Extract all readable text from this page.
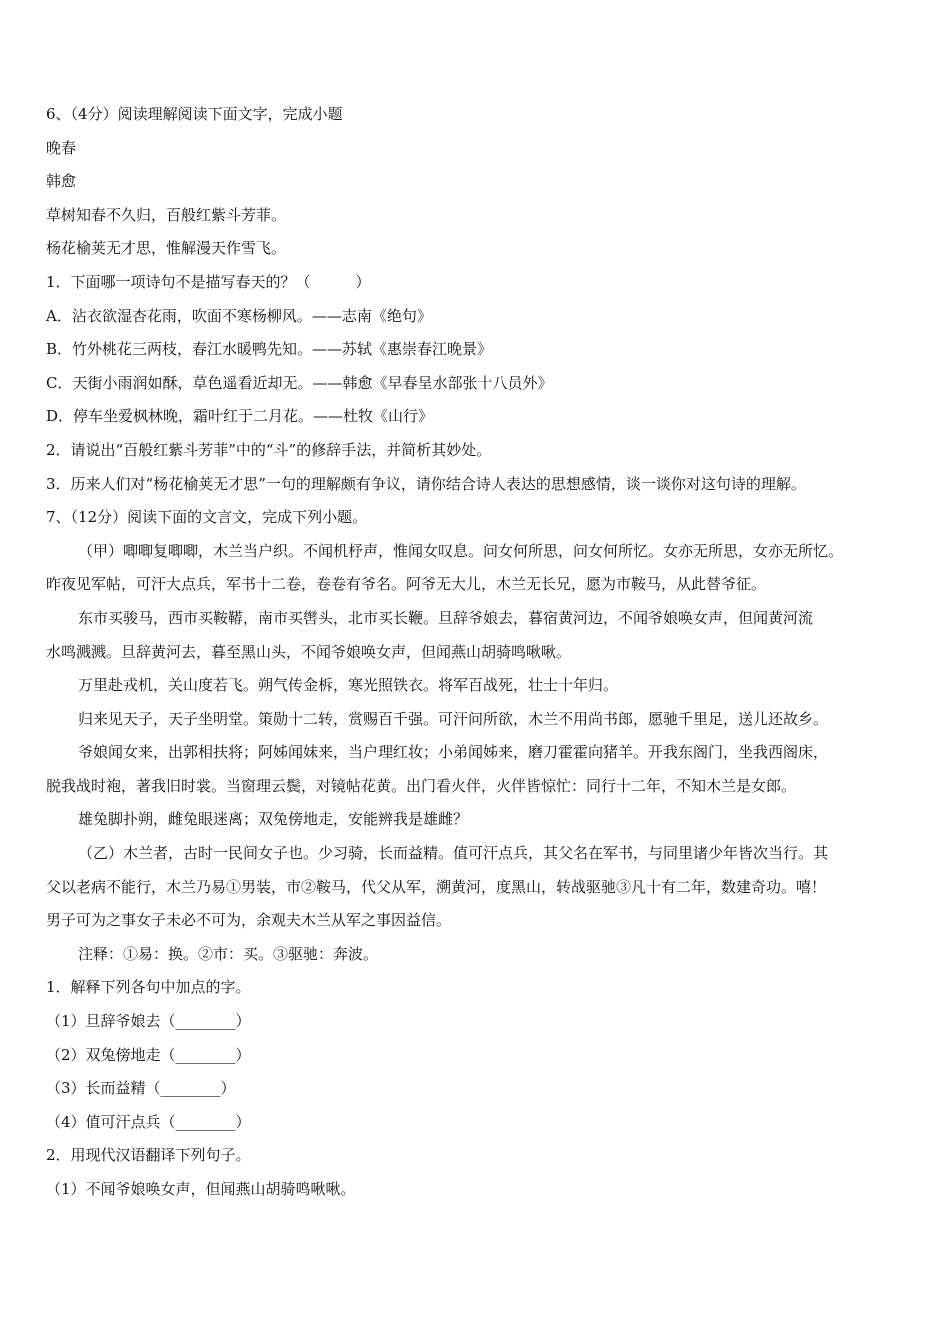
6、（4分）阅读理解阅读下面文字，完成小题
晚春
韩愈
草树知春不久归，百般红紫斗芳菲。
杨花榆荚无才思，惟解漫天作雪飞。
1．下面哪一项诗句不是描写春天的？（　　　）
A．沾衣欲湿杏花雨，吹面不寒杨柳风。——志南《绝句》
B．竹外桃花三两枝，春江水暖鸭先知。——苏轼《惠崇春江晚景》
C．天街小雨润如酥，草色遥看近却无。——韩愈《早春呈水部张十八员外》
D．停车坐爱枫林晚，霜叶红于二月花。——杜牧《山行》
2．请说出“百般红紫斗芳菲”中的“斗”的修辞手法，并简析其妙处。
3．历来人们对“杨花榆荚无才思”一句的理解颇有争议，请你结合诗人表达的思想感情，谈一谈你对这句诗的理解。
7、（12分）阅读下面的文言文，完成下列小题。
（甲）唧唧复唧唧，木兰当户织。不闻机杼声，惟闻女叹息。问女何所思，问女何所忆。女亦无所思，女亦无所忆。
昨夜见军帖，可汗大点兵，军书十二卷，卷卷有爷名。阿爷无大儿，木兰无长兄，愿为市鞍马，从此替爷征。
东市买骏马，西市买鞍鞯，南市买辔头，北市买长鞭。旦辞爷娘去，暮宿黄河边，不闻爷娘唤女声，但闻黄河流
水鸣溅溅。旦辞黄河去，暮至黑山头，不闻爷娘唤女声，但闻燕山胡骑鸣啾啾。
万里赴戎机，关山度若飞。朔气传金柝，寒光照铁衣。将军百战死，壮士十年归。
归来见天子，天子坐明堂。策勋十二转，赏赐百千强。可汗问所欲，木兰不用尚书郎，愿驰千里足，送儿还故乡。
爷娘闻女来，出郭相扶将；阿姊闻妹来，当户理红妆；小弟闻姊来，磨刀霍霍向猪羊。开我东阁门，坐我西阁床，
脱我战时袍，著我旧时裳。当窗理云鬓，对镜帖花黄。出门看火伴，火伴皆惊忙：同行十二年，不知木兰是女郎。
雄兔脚扑朔，雌兔眼迷离；双兔傍地走，安能辨我是雄雌？
（乙）木兰者，古时一民间女子也。少习骑，长而益精。值可汗点兵，其父名在军书，与同里诸少年皆次当行。其
父以老病不能行，木兰乃易①男装，市②鞍马，代父从军，溯黄河，度黑山，转战驱驰③凡十有二年，数建奇功。嘻！
男子可为之事女子未必不可为，余观夫木兰从军之事因益信。
注释：①易：换。②市：买。③驱驰：奔波。
1．解释下列各句中加点的字。
（1）旦辞爷娘去（________）
（2）双兔傍地走（________）
（3）长而益精（________）
（4）值可汗点兵（________）
2．用现代汉语翻译下列句子。
（1）不闻爷娘唤女声，但闻燕山胡骑鸣啾啾。
